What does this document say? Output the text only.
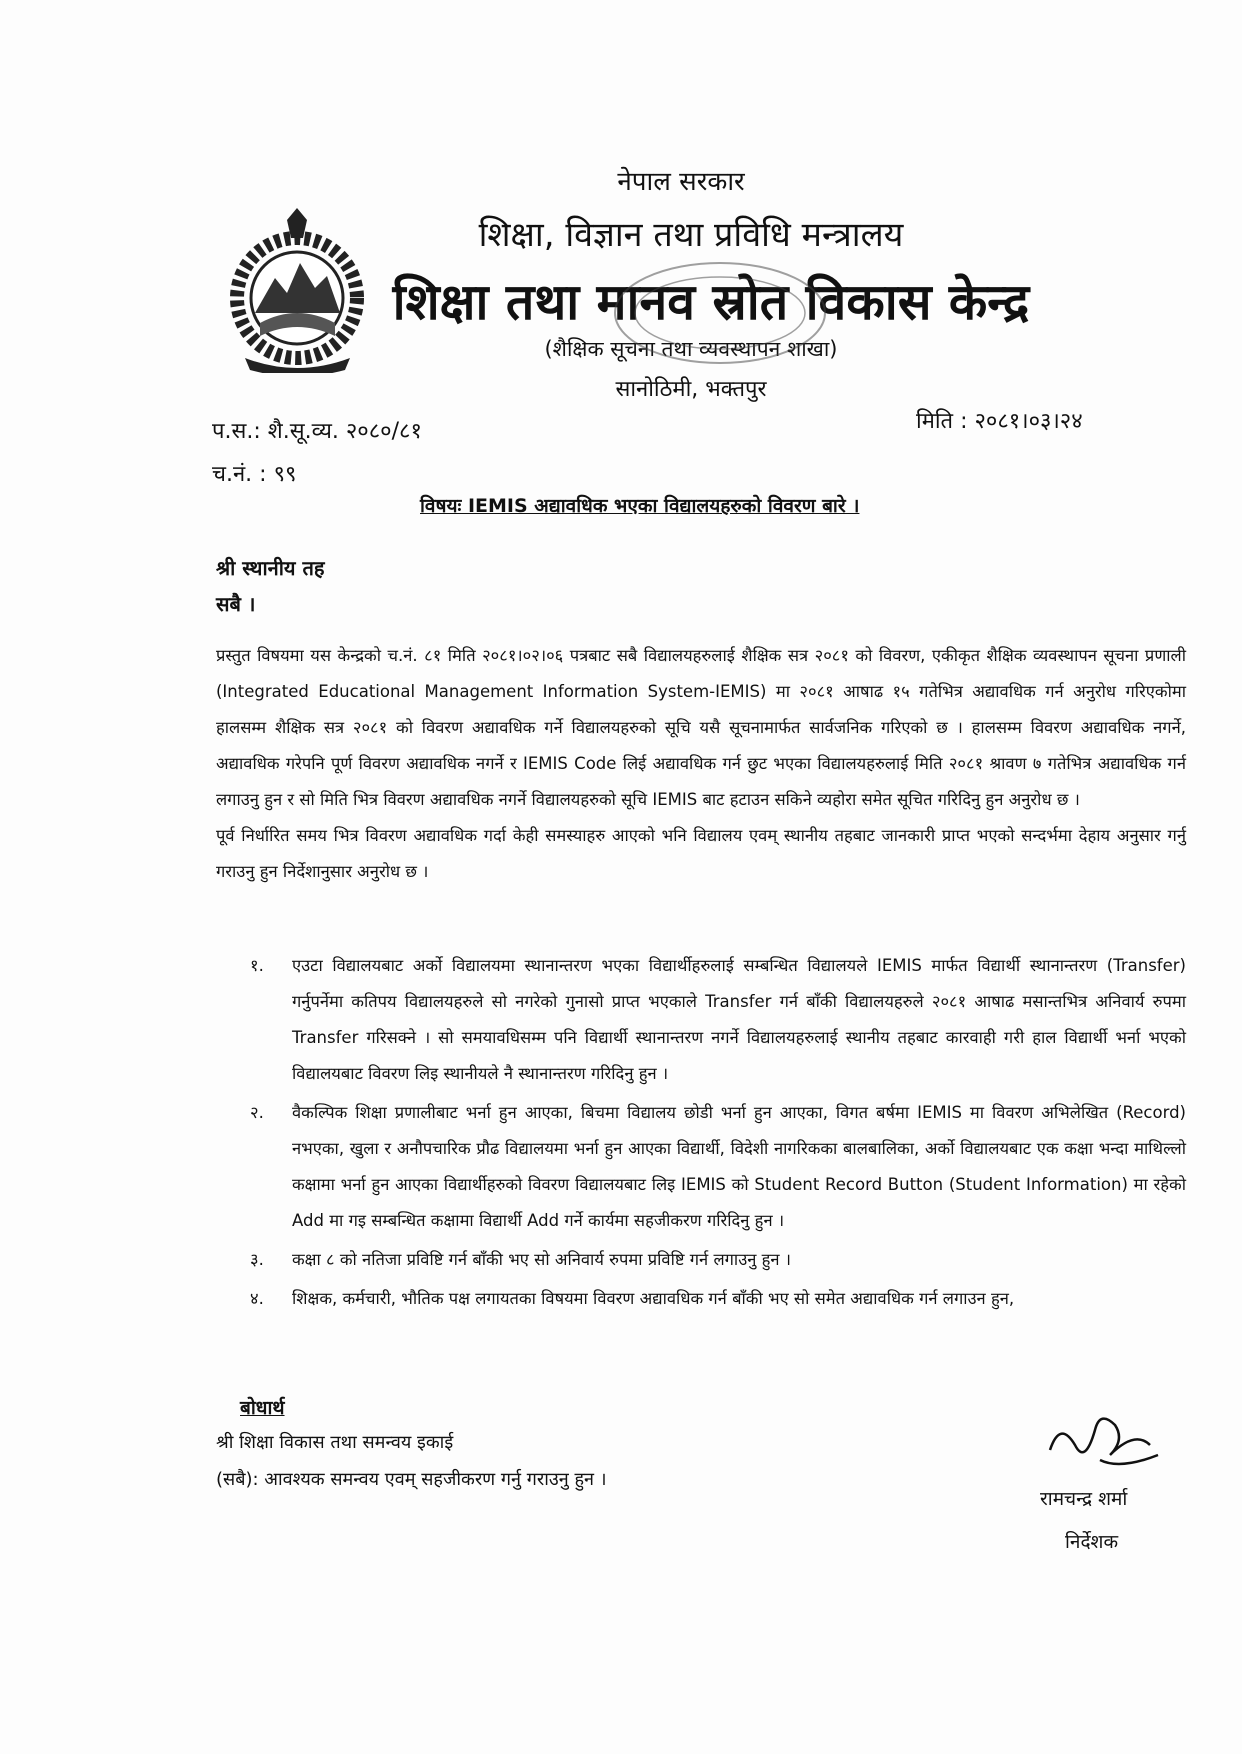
नेपाल सरकार
शिक्षा, विज्ञान तथा प्रविधि मन्त्रालय
शिक्षा तथा मानव स्रोत विकास केन्द्र
(शैक्षिक सूचना तथा व्यवस्थापन शाखा)
सानोठिमी, भक्तपुर
प.स.: शै.सू.व्य. २०८०/८१
च.नं. : ९९
मिति : २०८१।०३।२४
विषयः IEMIS अद्यावधिक भएका विद्यालयहरुको विवरण बारे ।
श्री स्थानीय तह
सबै ।

प्रस्तुत विषयमा यस केन्द्रको च.नं. ८१ मिति २०८१।०२।०६ पत्रबाट सबै विद्यालयहरुलाई शैक्षिक सत्र २०८१ को विवरण, एकीकृत शैक्षिक व्यवस्थापन सूचना प्रणाली (Integrated Educational Management Information System-IEMIS) मा २०८१ आषाढ १५ गतेभित्र अद्यावधिक गर्न अनुरोध गरिएकोमा हालसम्म शैक्षिक सत्र २०८१ को विवरण अद्यावधिक गर्ने विद्यालयहरुको सूचि यसै सूचनामार्फत सार्वजनिक गरिएको छ । हालसम्म विवरण अद्यावधिक नगर्ने, अद्यावधिक गरेपनि पूर्ण विवरण अद्यावधिक नगर्ने र IEMIS Code लिई अद्यावधिक गर्न छुट भएका विद्यालयहरुलाई मिति २०८१ श्रावण ७ गतेभित्र अद्यावधिक गर्न लगाउनु हुन र सो मिति भित्र विवरण अद्यावधिक नगर्ने विद्यालयहरुको सूचि IEMIS बाट हटाउन सकिने व्यहोरा समेत सूचित गरिदिनु हुन अनुरोध छ ।

पूर्व निर्धारित समय भित्र विवरण अद्यावधिक गर्दा केही समस्याहरु आएको भनि विद्यालय एवम् स्थानीय तहबाट जानकारी प्राप्त भएको सन्दर्भमा देहाय अनुसार गर्नु गराउनु हुन निर्देशानुसार अनुरोध छ ।

१.	एउटा विद्यालयबाट अर्को विद्यालयमा स्थानान्तरण भएका विद्यार्थीहरुलाई सम्बन्धित विद्यालयले IEMIS मार्फत विद्यार्थी स्थानान्तरण (Transfer) गर्नुपर्नेमा कतिपय विद्यालयहरुले सो नगरेको गुनासो प्राप्त भएकाले Transfer गर्न बाँकी विद्यालयहरुले २०८१ आषाढ मसान्तभित्र अनिवार्य रुपमा Transfer गरिसक्ने । सो समयावधिसम्म पनि विद्यार्थी स्थानान्तरण नगर्ने विद्यालयहरुलाई स्थानीय तहबाट कारवाही गरी हाल विद्यार्थी भर्ना भएको विद्यालयबाट विवरण लिइ स्थानीयले नै स्थानान्तरण गरिदिनु हुन ।
२.	वैकल्पिक शिक्षा प्रणालीबाट भर्ना हुन आएका, बिचमा विद्यालय छोडी भर्ना हुन आएका, विगत बर्षमा IEMIS मा विवरण अभिलेखित (Record) नभएका, खुला र अनौपचारिक प्रौढ विद्यालयमा भर्ना हुन आएका विद्यार्थी, विदेशी नागरिकका बालबालिका, अर्को विद्यालयबाट एक कक्षा भन्दा माथिल्लो कक्षामा भर्ना हुन आएका विद्यार्थीहरुको विवरण विद्यालयबाट लिइ IEMIS को Student Record Button (Student Information) मा रहेको Add मा गइ सम्बन्धित कक्षामा विद्यार्थी Add गर्ने कार्यमा सहजीकरण गरिदिनु हुन ।
३.	कक्षा ८ को नतिजा प्रविष्टि गर्न बाँकी भए सो अनिवार्य रुपमा प्रविष्टि गर्न लगाउनु हुन ।
४.	शिक्षक, कर्मचारी, भौतिक पक्ष लगायतका विषयमा विवरण अद्यावधिक गर्न बाँकी भए सो समेत अद्यावधिक गर्न लगाउन हुन,
बोधार्थ
श्री शिक्षा विकास तथा समन्वय इकाई
(सबै): आवश्यक समन्वय एवम् सहजीकरण गर्नु गराउनु हुन ।
रामचन्द्र शर्मा
निर्देशक
